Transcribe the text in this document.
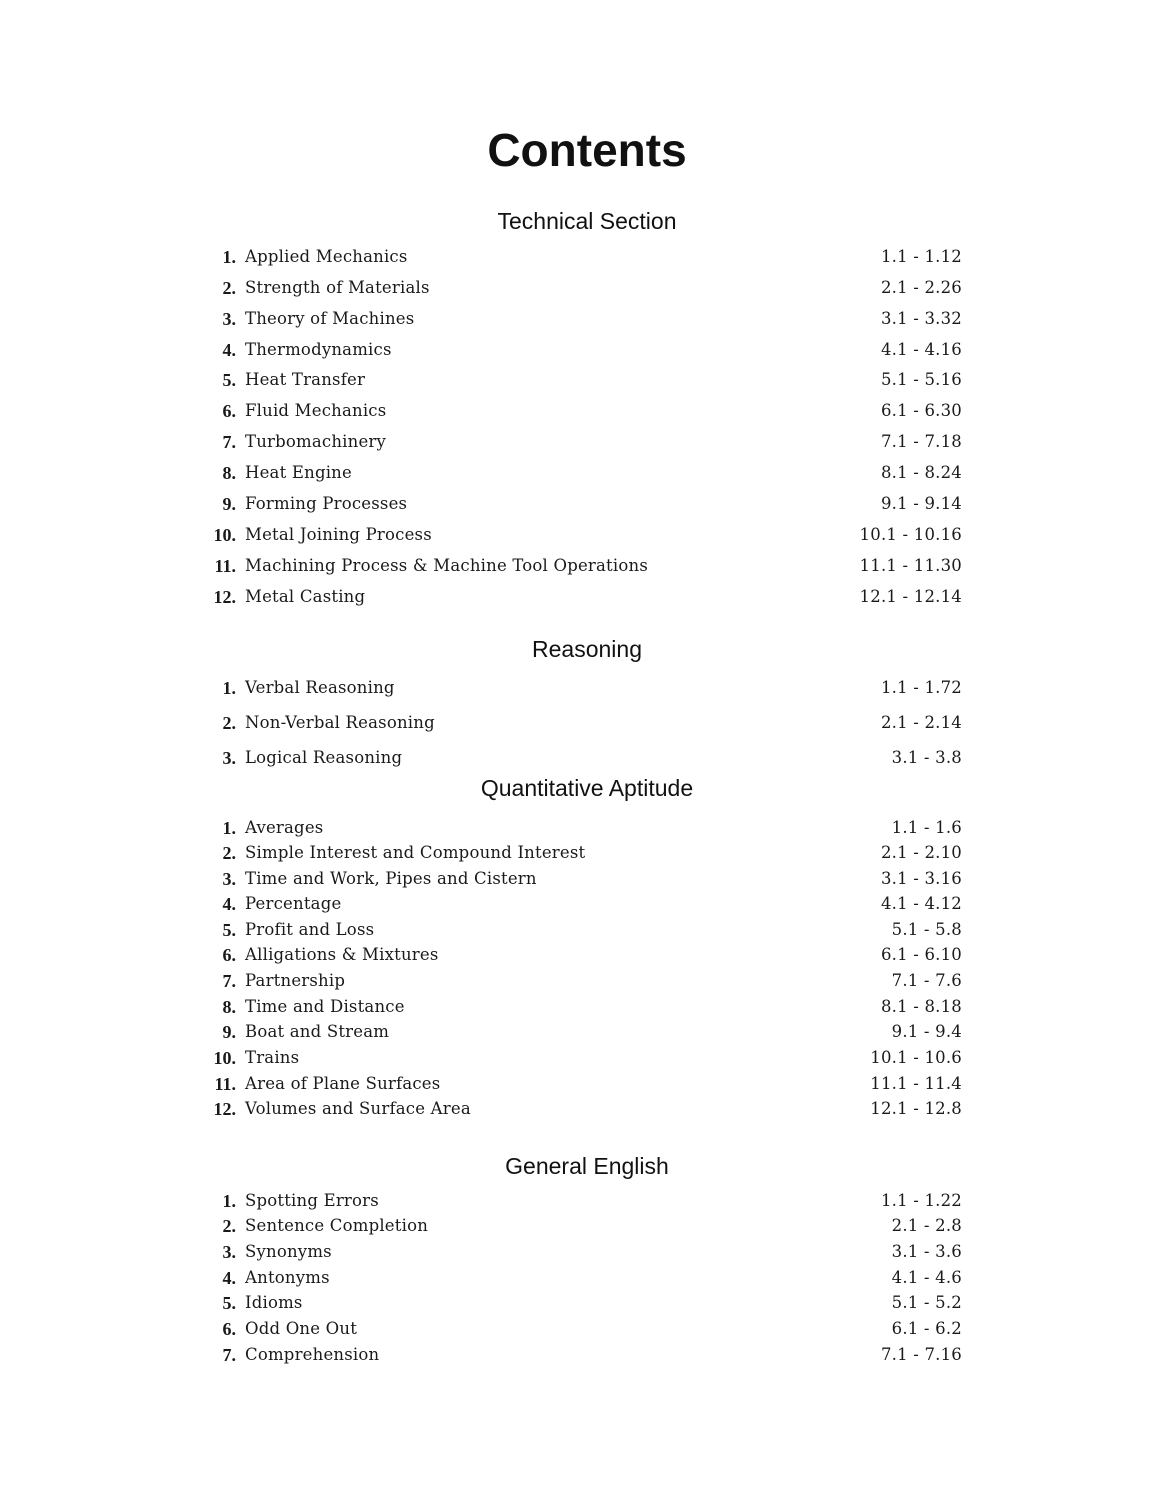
Contents
Technical Section
1. Applied Mechanics	1.1 - 1.12
2. Strength of Materials	2.1 - 2.26
3. Theory of Machines	3.1 - 3.32
4. Thermodynamics	4.1 - 4.16
5. Heat Transfer	5.1 - 5.16
6. Fluid Mechanics	6.1 - 6.30
7. Turbomachinery	7.1 - 7.18
8. Heat Engine	8.1 - 8.24
9. Forming Processes	9.1 - 9.14
10. Metal Joining Process	10.1 - 10.16
11. Machining Process & Machine Tool Operations	11.1 - 11.30
12. Metal Casting	12.1 - 12.14
Reasoning
1. Verbal Reasoning	1.1 - 1.72
2. Non-Verbal Reasoning	2.1 - 2.14
3. Logical Reasoning	3.1 - 3.8
Quantitative Aptitude
1. Averages	1.1 - 1.6
2. Simple Interest and Compound Interest	2.1 - 2.10
3. Time and Work, Pipes and Cistern	3.1 - 3.16
4. Percentage	4.1 - 4.12
5. Profit and Loss	5.1 - 5.8
6. Alligations & Mixtures	6.1 - 6.10
7. Partnership	7.1 - 7.6
8. Time and Distance	8.1 - 8.18
9. Boat and Stream	9.1 - 9.4
10. Trains	10.1 - 10.6
11. Area of Plane Surfaces	11.1 - 11.4
12. Volumes and Surface Area	12.1 - 12.8
General English
1. Spotting Errors	1.1 - 1.22
2. Sentence Completion	2.1 - 2.8
3. Synonyms	3.1 - 3.6
4. Antonyms	4.1 - 4.6
5. Idioms	5.1 - 5.2
6. Odd One Out	6.1 - 6.2
7. Comprehension	7.1 - 7.16
